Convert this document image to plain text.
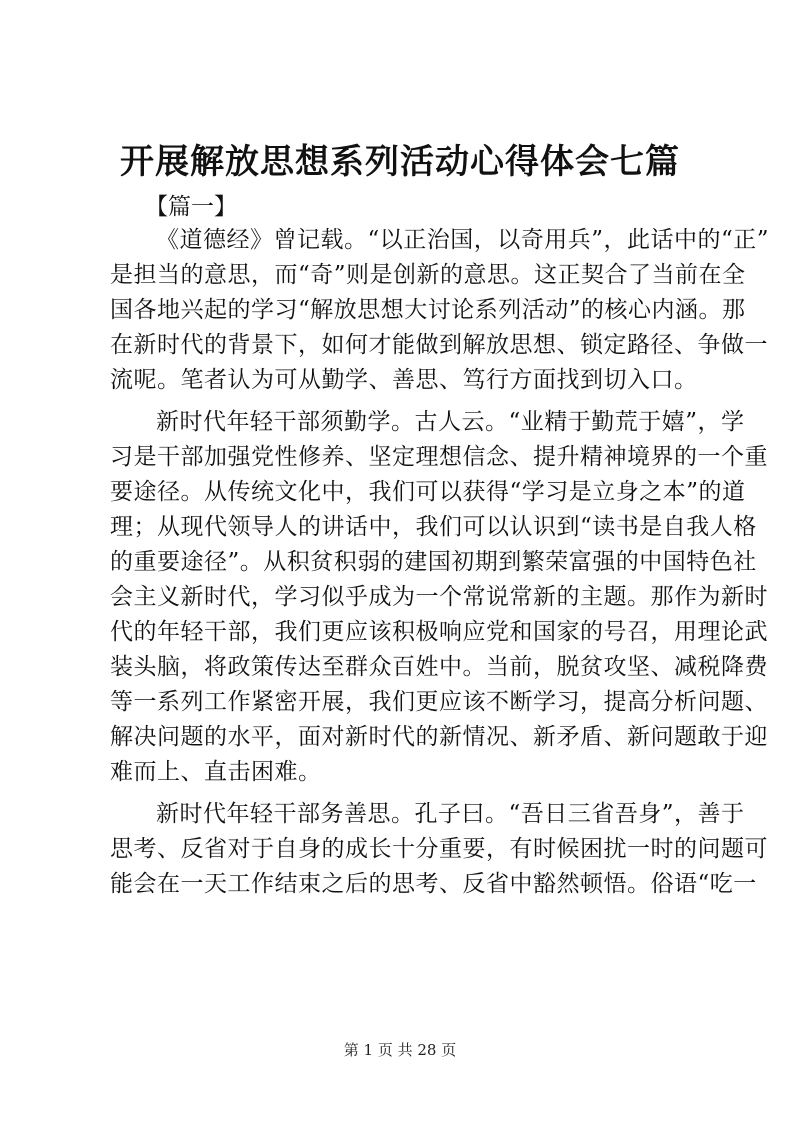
开展解放思想系列活动心得体会七篇
【篇一】
《道德经》曾记载。“以正治国，以奇用兵”，此话中的“正”
是担当的意思，而“奇”则是创新的意思。这正契合了当前在全
国各地兴起的学习“解放思想大讨论系列活动”的核心内涵。那
在新时代的背景下，如何才能做到解放思想、锁定路径、争做一
流呢。笔者认为可从勤学、善思、笃行方面找到切入口。
新时代年轻干部须勤学。古人云。“业精于勤荒于嬉”，学
习是干部加强党性修养、坚定理想信念、提升精神境界的一个重
要途径。从传统文化中，我们可以获得“学习是立身之本”的道
理；从现代领导人的讲话中，我们可以认识到“读书是自我人格
的重要途径”。从积贫积弱的建国初期到繁荣富强的中国特色社
会主义新时代，学习似乎成为一个常说常新的主题。那作为新时
代的年轻干部，我们更应该积极响应党和国家的号召，用理论武
装头脑，将政策传达至群众百姓中。当前，脱贫攻坚、减税降费
等一系列工作紧密开展，我们更应该不断学习，提高分析问题、
解决问题的水平，面对新时代的新情况、新矛盾、新问题敢于迎
难而上、直击困难。
新时代年轻干部务善思。孔子曰。“吾日三省吾身”，善于
思考、反省对于自身的成长十分重要，有时候困扰一时的问题可
能会在一天工作结束之后的思考、反省中豁然顿悟。俗语“吃一
第 1 页 共 28 页
